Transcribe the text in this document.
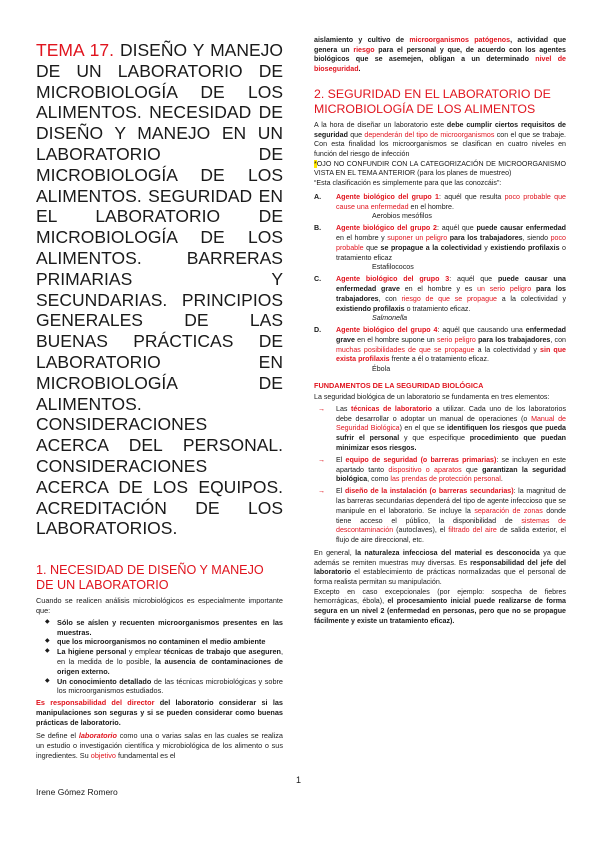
TEMA 17. DISEÑO Y MANEJO DE UN LABORATORIO DE MICROBIOLOGÍA DE LOS ALIMENTOS. NECESIDAD DE DISEÑO Y MANEJO EN UN LABORATORIO DE MICROBIOLOGÍA DE LOS ALIMENTOS. SEGURIDAD EN EL LABORATORIO DE MICROBIOLOGÍA DE LOS ALIMENTOS. BARRERAS PRIMARIAS Y SECUNDARIAS. PRINCIPIOS GENERALES DE LAS BUENAS PRÁCTICAS DE LABORATORIO EN MICROBIOLOGÍA DE ALIMENTOS. CONSIDERACIONES ACERCA DEL PERSONAL. CONSIDERACIONES ACERCA DE LOS EQUIPOS. ACREDITACIÓN DE LOS LABORATORIOS.

1. NECESIDAD DE DISEÑO Y MANEJO DE UN LABORATORIO

Cuando se realicen análisis microbiológicos es especialmente importante que:

◆ Sólo se aíslen y recuenten microorganismos presentes en las muestras.
◆ que los microorganismos no contaminen el medio ambiente
◆ La higiene personal y emplear técnicas de trabajo que aseguren, en la medida de lo posible, la ausencia de contaminaciones de origen externo.
◆ Un conocimiento detallado de las técnicas microbiológicas y sobre los microorganismos estudiados.

Es responsabilidad del director del laboratorio considerar si las manipulaciones son seguras y si se pueden considerar como buenas prácticas de laboratorio.

Se define el laboratorio como una o varias salas en las cuales se realiza un estudio o investigación científica y microbiológica de los alimento o sus ingredientes. Su objetivo fundamental es el

aislamiento y cultivo de microorganismos patógenos, actividad que genera un riesgo para el personal y que, de acuerdo con los agentes biológicos que se asemejen, obligan a un determinado nivel de bioseguridad.

2. SEGURIDAD EN EL LABORATORIO DE MICROBIOLOGÍA DE LOS ALIMENTOS

A la hora de diseñar un laboratorio este debe cumplir ciertos requisitos de seguridad que dependerán del tipo de microorganismos con el que se trabaje. Con esta finalidad los microorganismos se clasifican en cuatro niveles en función del riesgo de infección

*OJO NO CONFUNDIR CON LA CATEGORIZACIÓN DE MICROORGANISMO VISTA EN EL TEMA ANTERIOR (para los planes de muestreo)

“Esta clasificación es simplemente para que las conozcáis”:

A. Agente biológico del grupo 1: aquél que resulta poco probable que cause una enfermedad en el hombre.
Aerobios mesófilos
B. Agente biológico del grupo 2: aquél que puede causar enfermedad en el hombre y suponer un peligro para los trabajadores, siendo poco probable que se propague a la colectividad y existiendo profilaxis o tratamiento eficaz
Estafilococos
C. Agente biológico del grupo 3: aquél que puede causar una enfermedad grave en el hombre y es un serio peligro para los trabajadores, con riesgo de que se propague a la colectividad y existiendo profilaxis o tratamiento eficaz.
Salmonella
D. Agente biológico del grupo 4: aquél que causando una enfermedad grave en el hombre supone un serio peligro para los trabajadores, con muchas posibilidades de que se propague a la colectividad y sin que exista profilaxis frente a él o tratamiento eficaz.
Ébola
FUNDAMENTOS DE LA SEGURIDAD BIOLÓGICA

La seguridad biológica de un laboratorio se fundamenta en tres elementos:

→ Las técnicas de laboratorio a utilizar. Cada uno de los laboratorios debe desarrollar o adoptar un manual de operaciones (o Manual de Seguridad Biológica) en el que se identifiquen los riesgos que pueda sufrir el personal y que especifique procedimiento que puedan minimizar esos riesgos.
→ El equipo de seguridad (o barreras primarias): se incluyen en este apartado tanto dispositivo o aparatos que garantizan la seguridad biológica, como las prendas de protección personal.
→ El diseño de la instalación (o barreras secundarias): la magnitud de las barreras secundarias dependerá del tipo de agente infeccioso que se manipule en el laboratorio. Se incluye la separación de zonas donde tiene acceso el público, la disponibilidad de sistemas de descontaminación (autoclaves), el filtrado del aire de salida exterior, el flujo de aire direccional, etc.

En general, la naturaleza infecciosa del material es desconocida ya que además se remiten muestras muy diversas. Es responsabilidad del jefe del laboratorio el establecimiento de prácticas normalizadas que el personal de forma realista permitan su manipulación.

Excepto en caso excepcionales (por ejemplo: sospecha de fiebres hemorrágicas, ébola), el procesamiento inicial puede realizarse de forma segura en un nivel 2 (enfermedad en personas, pero que no se propague fácilmente y existe un tratamiento eficaz).

1
Irene Gómez Romero
